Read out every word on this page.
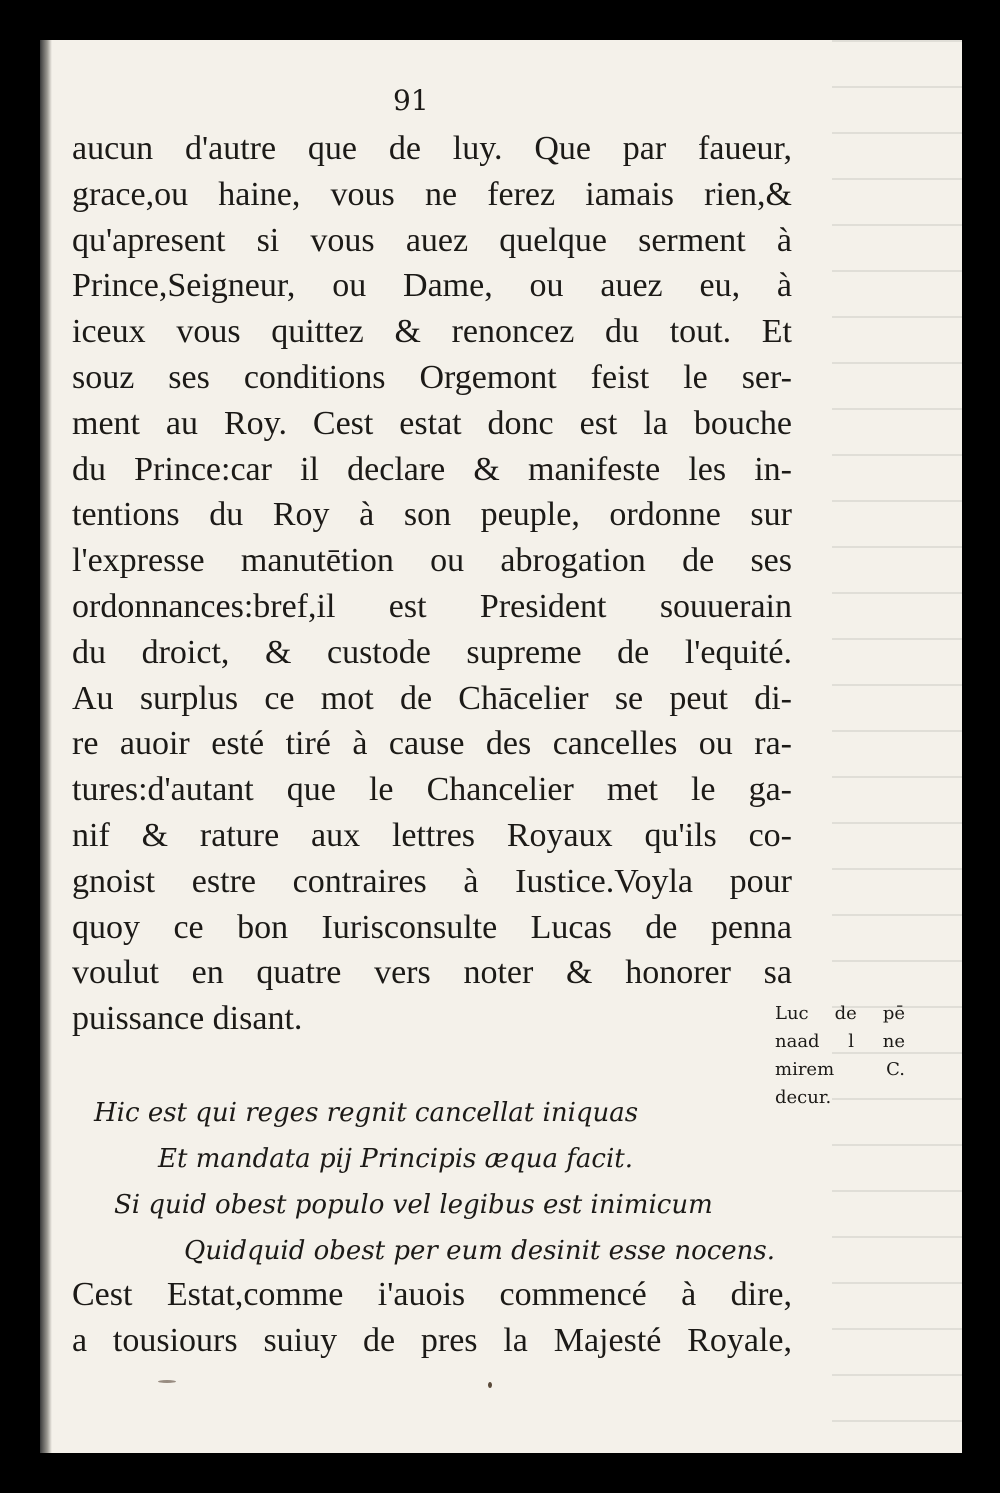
91
aucun d'autre que de luy. Que par faueur,
grace,ou haine, vous ne ferez iamais rien,&
qu'apresent si vous auez quelque serment à
Prince,Seigneur, ou Dame, ou auez eu, à
iceux vous quittez & renoncez du tout. Et
souz ses conditions Orgemont feist le ser-
ment au Roy. Cest estat donc est la bouche
du Prince:car il declare & manifeste les in-
tentions du Roy à son peuple, ordonne sur
l'expresse manutētion ou abrogation de ses
ordonnances:bref,il est President souuerain
du droict, & custode supreme de l'equité.
Au surplus ce mot de Chācelier se peut di-
re auoir esté tiré à cause des cancelles ou ra-
tures:d'autant que le Chancelier met le ga-
nif & rature aux lettres Royaux qu'ils co-
gnoist estre contraires à Iustice.Voyla pour
quoy ce bon Iurisconsulte Lucas de penna
voulut en quatre vers noter & honorer sa
puissance disant.	Luc de pē
naad l ne
mirem C.
decur.
Hic est qui reges regnit cancellat iniquas
Et mandata pij Principis æqua facit.
Si quid obest populo vel legibus est inimicum
Quidquid obest per eum desinit esse nocens.
Cest Estat,comme i'auois commencé à dire,
a tousiours suiuy de pres la Majesté Royale,
